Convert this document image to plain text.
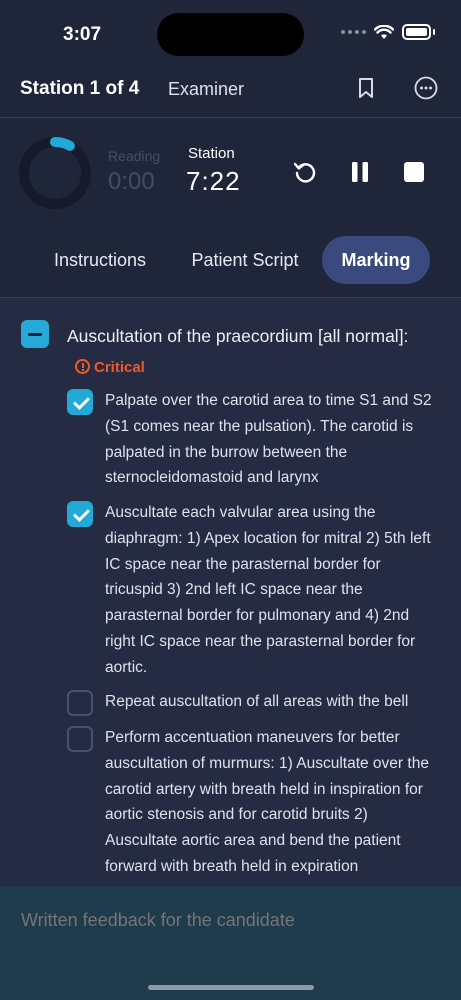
3:07
Station 1 of 4 Examiner
Reading
0:00
Station
7:22
Instructions	Patient Script	Marking
Auscultation of the praecordium [all normal]:Critical
Palpate over the carotid area to time S1 and S2 (S1 comes near the pulsation). The carotid is palpated in the burrow between the sternocleidomastoid and larynx
Auscultate each valvular area using the diaphragm: 1) Apex location for mitral 2) 5th left IC space near the parasternal border for tricuspid 3) 2nd left IC space near the parasternal border for pulmonary and 4) 2nd right IC space near the parasternal border for aortic.
Repeat auscultation of all areas with the bell
Perform accentuation maneuvers for better auscultation of murmurs: 1) Auscultate over the carotid artery with breath held in inspiration for aortic stenosis and for carotid bruits 2) Auscultate aortic area and bend the patient forward with breath held in expiration
Written feedback for the candidate
